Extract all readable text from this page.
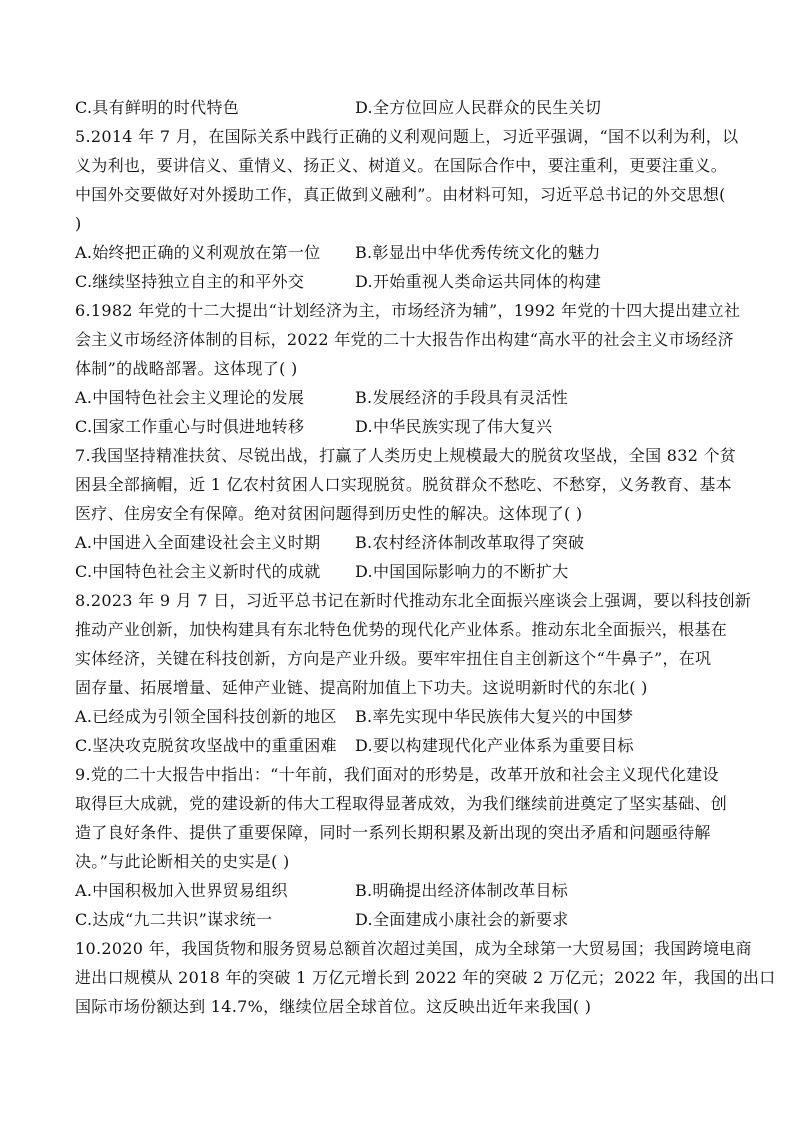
C.具有鲜明的时代特色	D.全方位回应人民群众的民生关切
5.2014 年 7 月，在国际关系中践行正确的义利观问题上，习近平强调，“国不以利为利，以
义为利也，要讲信义、重情义、扬正义、树道义。在国际合作中，要注重利，更要注重义。
中国外交要做好对外援助工作，真正做到义融利”。由材料可知，习近平总书记的外交思想(
)
A.始终把正确的义利观放在第一位 B.彰显出中华优秀传统文化的魅力
C.继续坚持独立自主的和平外交	D.开始重视人类命运共同体的构建
6.1982 年党的十二大提出“计划经济为主，市场经济为辅”，1992 年党的十四大提出建立社
会主义市场经济体制的目标，2022 年党的二十大报告作出构建“高水平的社会主义市场经济
体制”的战略部署。这体现了( )
A.中国特色社会主义理论的发展	B.发展经济的手段具有灵活性
C.国家工作重心与时俱进地转移	D.中华民族实现了伟大复兴
7.我国坚持精准扶贫、尽锐出战，打赢了人类历史上规模最大的脱贫攻坚战，全国 832 个贫
困县全部摘帽，近 1 亿农村贫困人口实现脱贫。脱贫群众不愁吃、不愁穿，义务教育、基本
医疗、住房安全有保障。绝对贫困问题得到历史性的解决。这体现了( )
A.中国进入全面建设社会主义时期 B.农村经济体制改革取得了突破
C.中国特色社会主义新时代的成就 D.中国国际影响力的不断扩大
8.2023 年 9 月 7 日，习近平总书记在新时代推动东北全面振兴座谈会上强调，要以科技创新
推动产业创新，加快构建具有东北特色优势的现代化产业体系。推动东北全面振兴，根基在
实体经济，关键在科技创新，方向是产业升级。要牢牢扭住自主创新这个“牛鼻子”，在巩
固存量、拓展增量、延伸产业链、提高附加值上下功夫。这说明新时代的东北( )
A.已经成为引领全国科技创新的地区 B.率先实现中华民族伟大复兴的中国梦
C.坚决攻克脱贫攻坚战中的重重困难 D.要以构建现代化产业体系为重要目标
9.党的二十大报告中指出：“十年前，我们面对的形势是，改革开放和社会主义现代化建设
取得巨大成就，党的建设新的伟大工程取得显著成效，为我们继续前进奠定了坚实基础、创
造了良好条件、提供了重要保障，同时一系列长期积累及新出现的突出矛盾和问题亟待解
决。”与此论断相关的史实是( )
A.中国积极加入世界贸易组织	B.明确提出经济体制改革目标
C.达成“九二共识”谋求统一	D.全面建成小康社会的新要求
10.2020 年，我国货物和服务贸易总额首次超过美国，成为全球第一大贸易国；我国跨境电商
进出口规模从 2018 年的突破 1 万亿元增长到 2022 年的突破 2 万亿元；2022 年，我国的出口
国际市场份额达到 14.7%，继续位居全球首位。这反映出近年来我国( )
